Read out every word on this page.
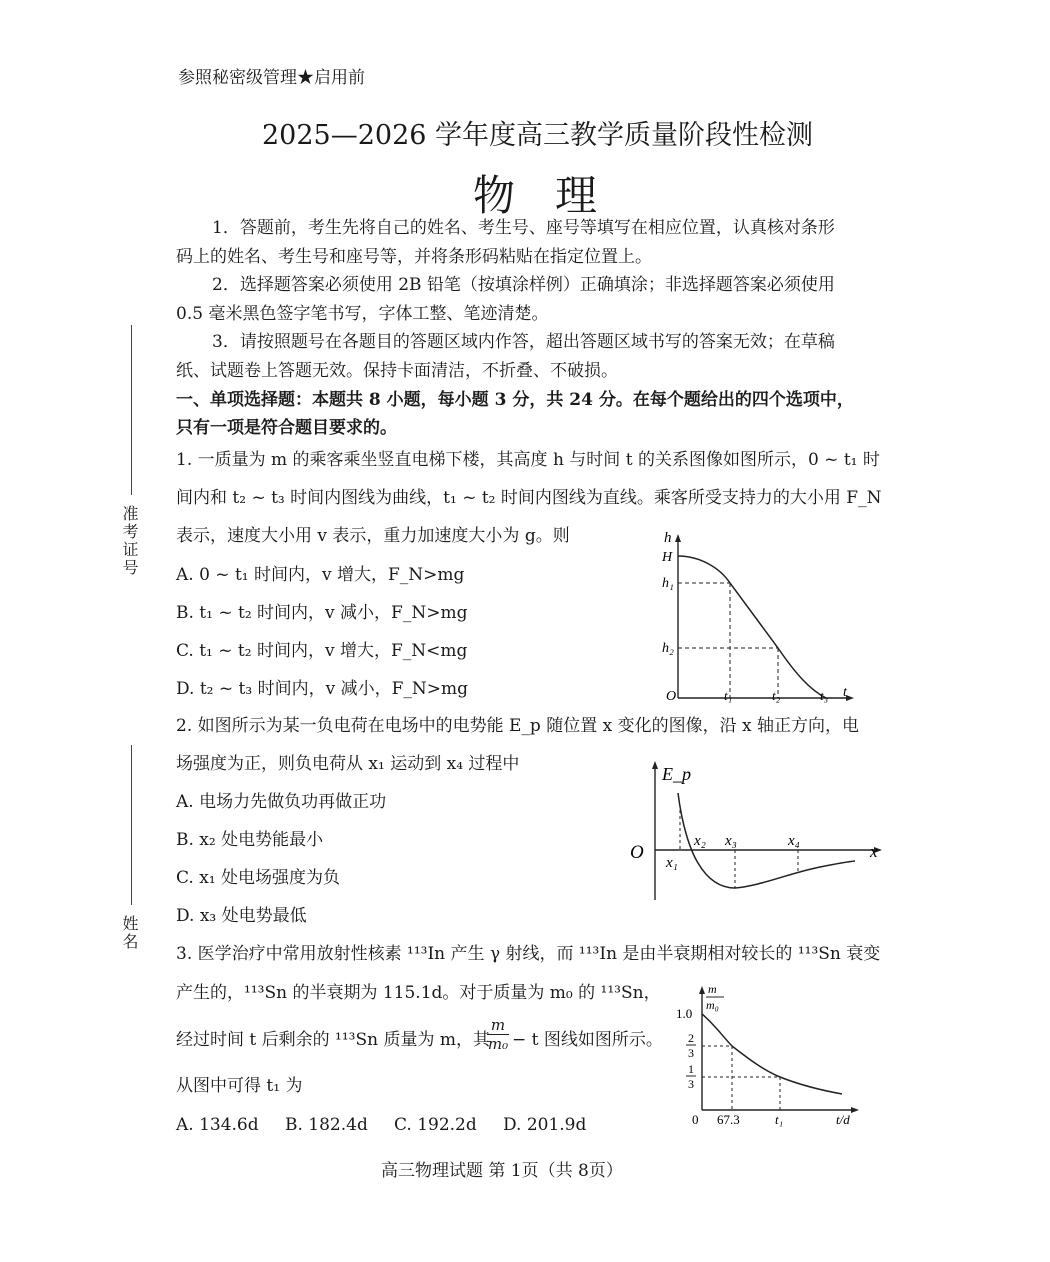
参照秘密级管理★启用前
2025—2026 学年度高三教学质量阶段性检测
物理
准考证号
姓名
1．答题前，考生先将自己的姓名、考生号、座号等填写在相应位置，认真核对条形
码上的姓名、考生号和座号等，并将条形码粘贴在指定位置上。
2．选择题答案必须使用 2B 铅笔（按填涂样例）正确填涂；非选择题答案必须使用
0.5 毫米黑色签字笔书写，字体工整、笔迹清楚。
3．请按照题号在各题目的答题区域内作答，超出答题区域书写的答案无效；在草稿
纸、试题卷上答题无效。保持卡面清洁，不折叠、不破损。
一、单项选择题：本题共 8 小题，每小题 3 分，共 24 分。在每个题给出的四个选项中，
只有一项是符合题目要求的。
1. 一质量为 m 的乘客乘坐竖直电梯下楼，其高度 h 与时间 t 的关系图像如图所示，0 ~ t₁ 时
间内和 t₂ ~ t₃ 时间内图线为曲线，t₁ ~ t₂ 时间内图线为直线。乘客所受支持力的大小用 F_N
表示，速度大小用 v 表示，重力加速度大小为 g。则
A. 0 ~ t₁ 时间内，v 增大，F_N>mg
B. t₁ ~ t₂ 时间内，v 减小，F_N>mg
C. t₁ ~ t₂ 时间内，v 增大，F_N<mg
D. t₂ ~ t₃ 时间内，v 减小，F_N>mg
h
H
h₁
h₂
O	t₁	t₂	t₃ t
2. 如图所示为某一负电荷在电场中的电势能 E_p 随位置 x 变化的图像，沿 x 轴正方向，电
场强度为正，则负电荷从 x₁ 运动到 x₄ 过程中
A. 电场力先做负功再做正功
B. x₂ 处电势能最小
C. x₁ 处电场强度为负
D. x₃ 处电势最低
E_p
O x₁
x₂ x₃	x₄
x
3. 医学治疗中常用放射性核素 ¹¹³In 产生 γ 射线，而 ¹¹³In 是由半衰期相对较长的 ¹¹³Sn 衰变
产生的，¹¹³Sn 的半衰期为 115.1d。对于质量为 m₀ 的 ¹¹³Sn，
经过时间 t 后剩余的 ¹¹³Sn 质量为 m，其
$\frac{m}{\text{m₀}} - t$ 图线如图所示。
从图中可得 t₁ 为
A. 134.6d B. 182.4d C. 192.2d D. 201.9d
m
m₀
1.0
2
3
1
3
0 67.3	t₁	t/d
高三物理试题 第 1页（共 8页）
